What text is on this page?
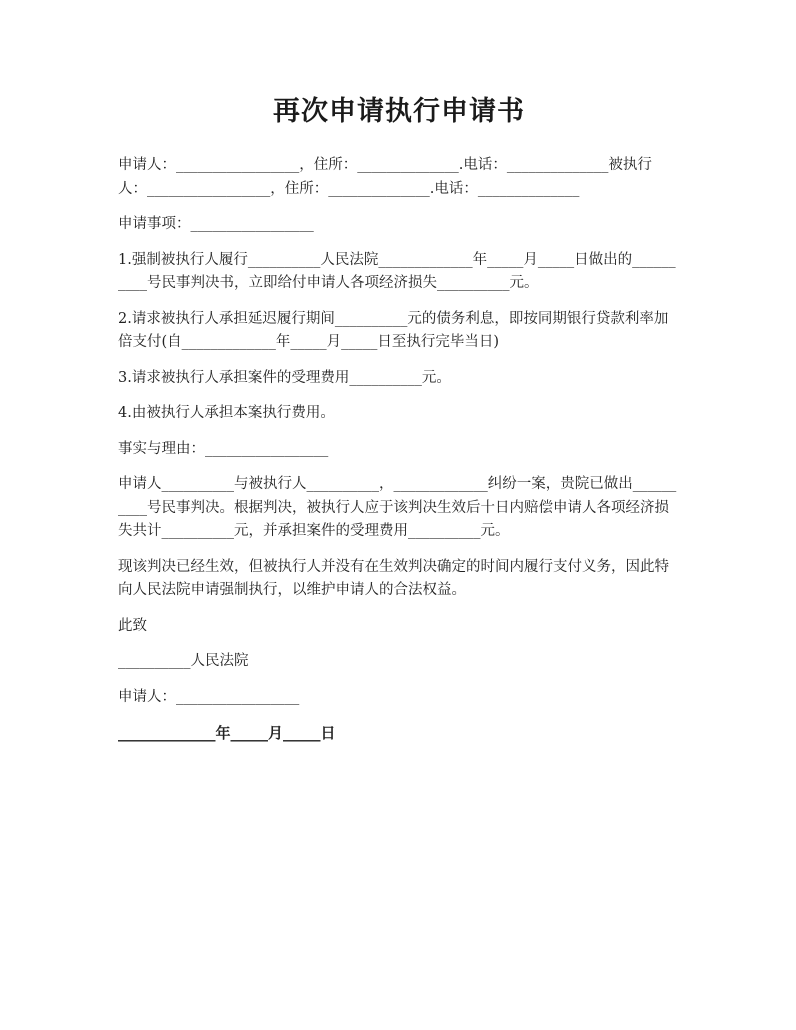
再次申请执行申请书

申请人：_________________，住所：______________.电话：______________被执行人：_________________，住所：______________.电话：______________

申请事项：_________________

1.强制被执行人履行__________人民法院_____________年_____月_____日做出的__________号民事判决书，立即给付申请人各项经济损失__________元。

2.请求被执行人承担延迟履行期间__________元的债务利息，即按同期银行贷款利率加倍支付(自_____________年_____月_____日至执行完毕当日)

3.请求被执行人承担案件的受理费用__________元。

4.由被执行人承担本案执行费用。

事实与理由：_________________

申请人__________与被执行人__________，_____________纠纷一案，贵院已做出__________号民事判决。根据判决，被执行人应于该判决生效后十日内赔偿申请人各项经济损失共计__________元，并承担案件的受理费用__________元。

现该判决已经生效，但被执行人并没有在生效判决确定的时间内履行支付义务，因此特向人民法院申请强制执行，以维护申请人的合法权益。

此致

__________人民法院

申请人：_________________

_____________年_____月_____日
